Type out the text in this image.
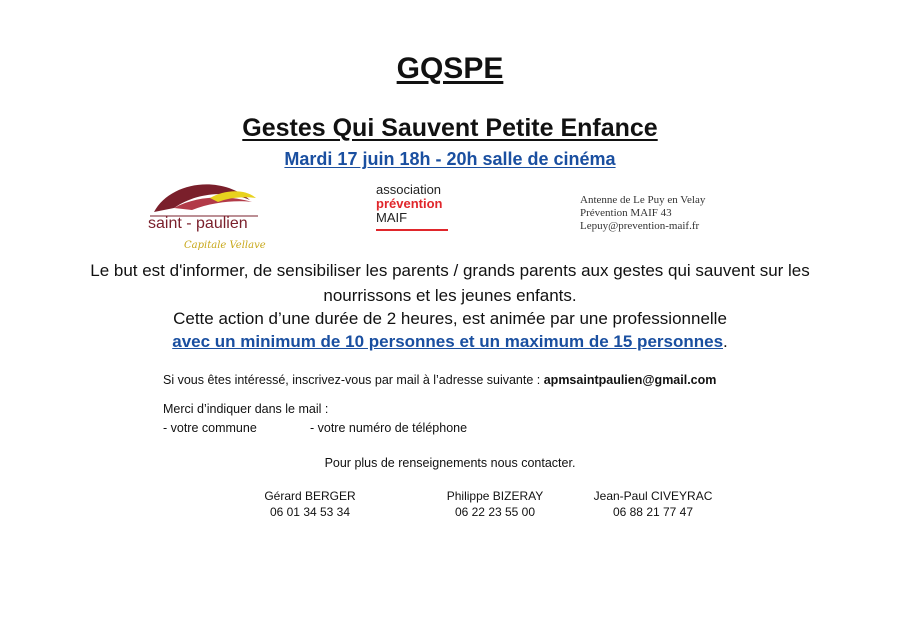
GQSPE
Gestes Qui Sauvent Petite Enfance
Mardi 17 juin 18h - 20h salle de cinéma
saint - paulien
Capitale Vellave
association
prévention
MAIF
Antenne de Le Puy en Velay
Prévention MAIF 43
Lepuy@prevention-maif.fr
Le but est d'informer, de sensibiliser les parents / grands parents aux gestes qui sauvent sur les nourrissons et les jeunes enfants.
Cette action d’une durée de 2 heures, est animée par une professionnelle
avec un minimum de 10 personnes et un maximum de 15 personnes.
Si vous êtes intéressé, inscrivez-vous par mail à l’adresse suivante : apmsaintpaulien@gmail.com
Merci d’indiquer dans le mail :
- votre commune	- votre numéro de téléphone
Pour plus de renseignements nous contacter.
Gérard BERGER
06 01 34 53 34
Philippe BIZERAY
06 22 23 55 00
Jean-Paul CIVEYRAC
06 88 21 77 47
